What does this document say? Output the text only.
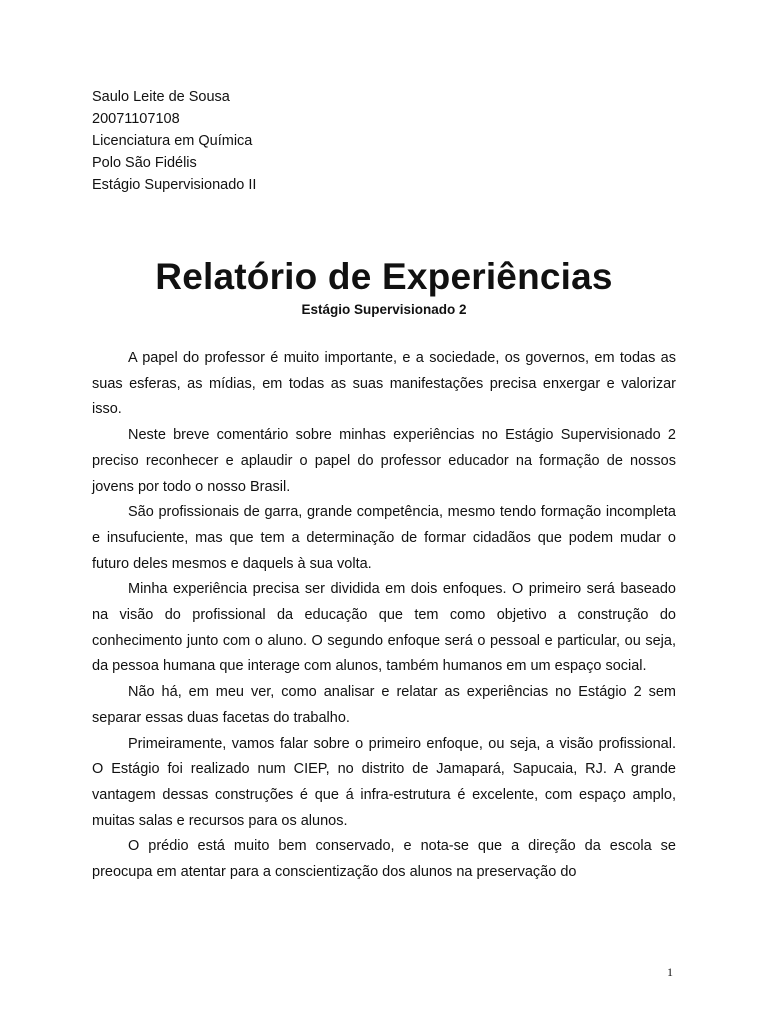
Saulo Leite de Sousa
20071107108
Licenciatura em Química
Polo São Fidélis
Estágio Supervisionado II
Relatório de Experiências
Estágio Supervisionado 2

A papel do professor é muito importante, e a sociedade, os governos, em todas as suas esferas, as mídias, em todas as suas manifestações precisa enxergar e valorizar isso.

Neste breve comentário sobre minhas experiências no Estágio Supervisionado 2 preciso reconhecer e aplaudir o papel do professor educador na formação de nossos jovens por todo o nosso Brasil.

São profissionais de garra, grande competência, mesmo tendo formação incompleta e insufuciente, mas que tem a determinação de formar cidadãos que podem mudar o futuro deles mesmos e daquels à sua volta.

Minha experiência precisa ser dividida em dois enfoques. O primeiro será baseado na visão do profissional da educação que tem como objetivo a construção do conhecimento junto com o aluno. O segundo enfoque será o pessoal e particular, ou seja, da pessoa humana que interage com alunos, também humanos em um espaço social.

Não há, em meu ver, como analisar e relatar as experiências no Estágio 2 sem separar essas duas facetas do trabalho.

Primeiramente, vamos falar sobre o primeiro enfoque, ou seja, a visão profissional. O Estágio foi realizado num CIEP, no distrito de Jamapará, Sapucaia, RJ. A grande vantagem dessas construções é que á infra-estrutura é excelente, com espaço amplo, muitas salas e recursos para os alunos.

O prédio está muito bem conservado, e nota-se que a direção da escola se preocupa em atentar para a conscientização dos alunos na preservação do

1
